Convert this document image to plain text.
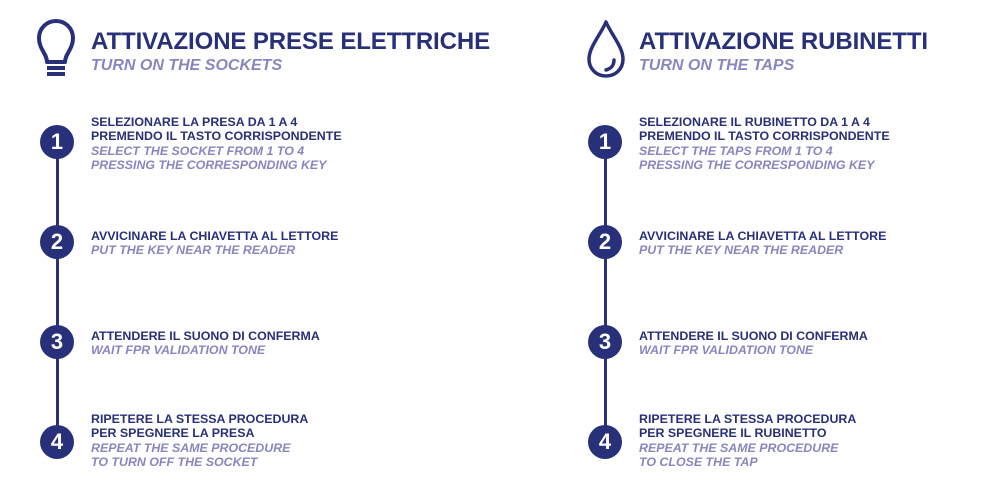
ATTIVAZIONE PRESE ELETTRICHE
TURN ON THE SOCKETS
1
SELEZIONARE LA PRESA DA 1 A 4
PREMENDO IL TASTO CORRISPONDENTE
SELECT THE SOCKET FROM 1 TO 4
PRESSING THE CORRESPONDING KEY
2	AVVICINARE LA CHIAVETTA AL LETTORE
PUT THE KEY NEAR THE READER
3	ATTENDERE IL SUONO DI CONFERMA
WAIT FPR VALIDATION TONE
4
RIPETERE LA STESSA PROCEDURA
PER SPEGNERE LA PRESA
REPEAT THE SAME PROCEDURE
TO TURN OFF THE SOCKET
ATTIVAZIONE RUBINETTI
TURN ON THE TAPS
1
SELEZIONARE IL RUBINETTO DA 1 A 4
PREMENDO IL TASTO CORRISPONDENTE
SELECT THE TAPS FROM 1 TO 4
PRESSING THE CORRESPONDING KEY
2	AVVICINARE LA CHIAVETTA AL LETTORE
PUT THE KEY NEAR THE READER
3	ATTENDERE IL SUONO DI CONFERMA
WAIT FPR VALIDATION TONE
4
RIPETERE LA STESSA PROCEDURA
PER SPEGNERE IL RUBINETTO
REPEAT THE SAME PROCEDURE
TO CLOSE THE TAP
